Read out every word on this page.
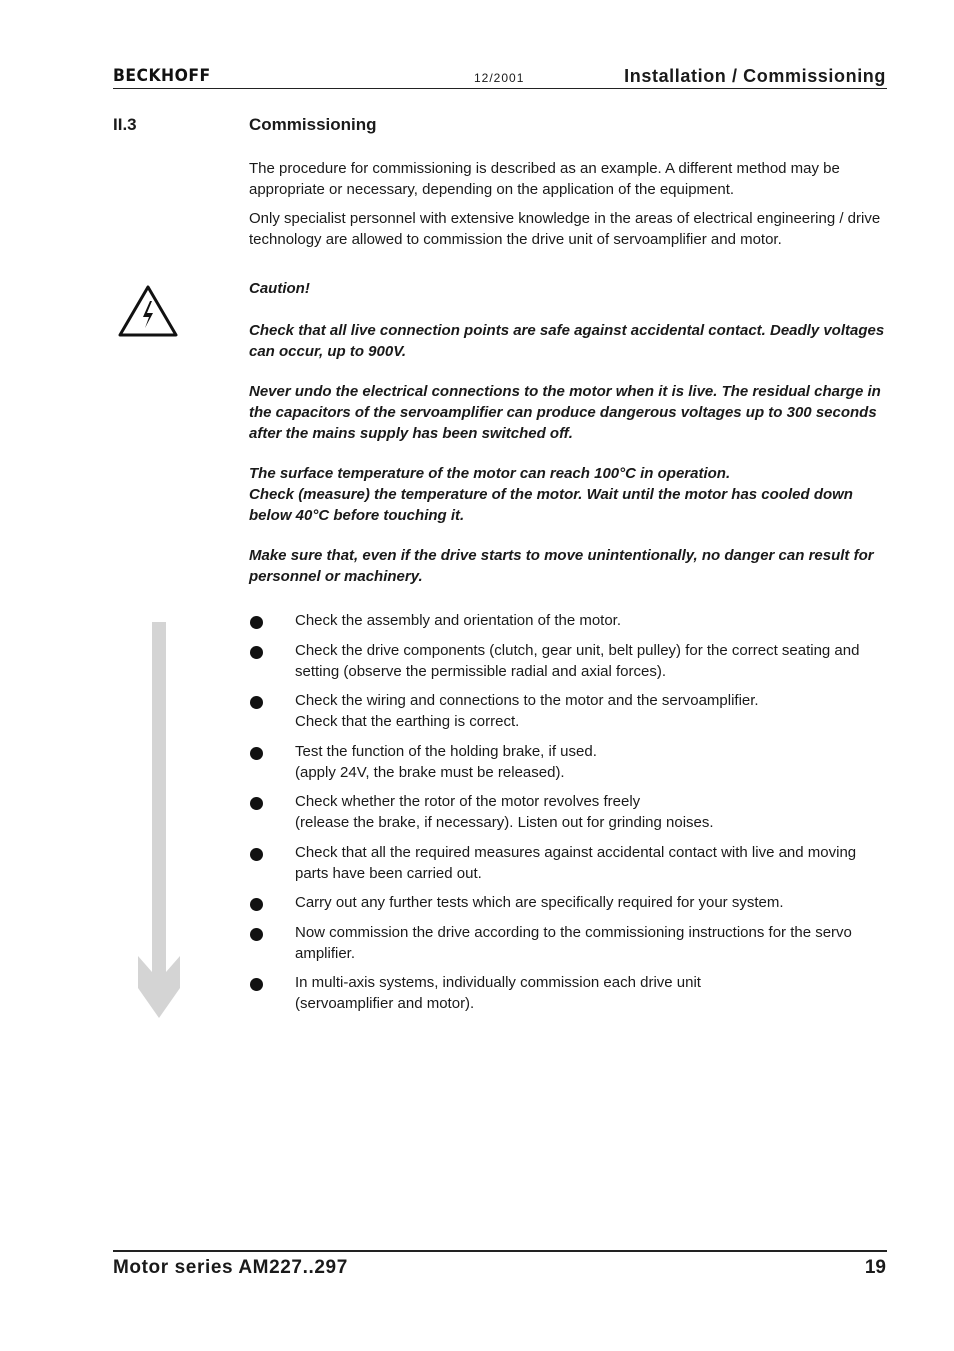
BECKHOFF	12/2001	Installation / Commissioning
II.3	Commissioning

The procedure for commissioning is described as an example. A different method may be appropriate or necessary, depending on the application of the equipment.

Only specialist personnel with extensive knowledge in the areas of electrical engineering / drive technology are allowed to commission the drive unit of servoamplifier and motor.

Caution!

Check that all live connection points are safe against accidental contact. Deadly voltages can occur, up to 900V.

Never undo the electrical connections to the motor when it is live. The residual charge in the capacitors of the servoamplifier can produce dangerous voltages up to 300 seconds after the mains supply has been switched off.

The surface temperature of the motor can reach 100°C in operation.

Check (measure) the temperature of the motor. Wait until the motor has cooled down below 40°C before touching it.

Make sure that, even if the drive starts to move unintentionally, no danger can result for personnel or machinery.

Check the assembly and orientation of the motor.
Check the drive components (clutch, gear unit, belt pulley) for the correct seating and setting (observe the permissible radial and axial forces).
Check the wiring and connections to the motor and the servoamplifier.
Check that the earthing is correct.
Test the function of the holding brake, if used.
(apply 24V, the brake must be released).
Check whether the rotor of the motor revolves freely
(release the brake, if necessary). Listen out for grinding noises.
Check that all the required measures against accidental contact with live and moving parts have been carried out.
Carry out any further tests which are specifically required for your system.
Now commission the drive according to the commissioning instructions for the servo amplifier.
In multi-axis systems, individually commission each drive unit
(servoamplifier and motor).
Motor series AM227..297	19
